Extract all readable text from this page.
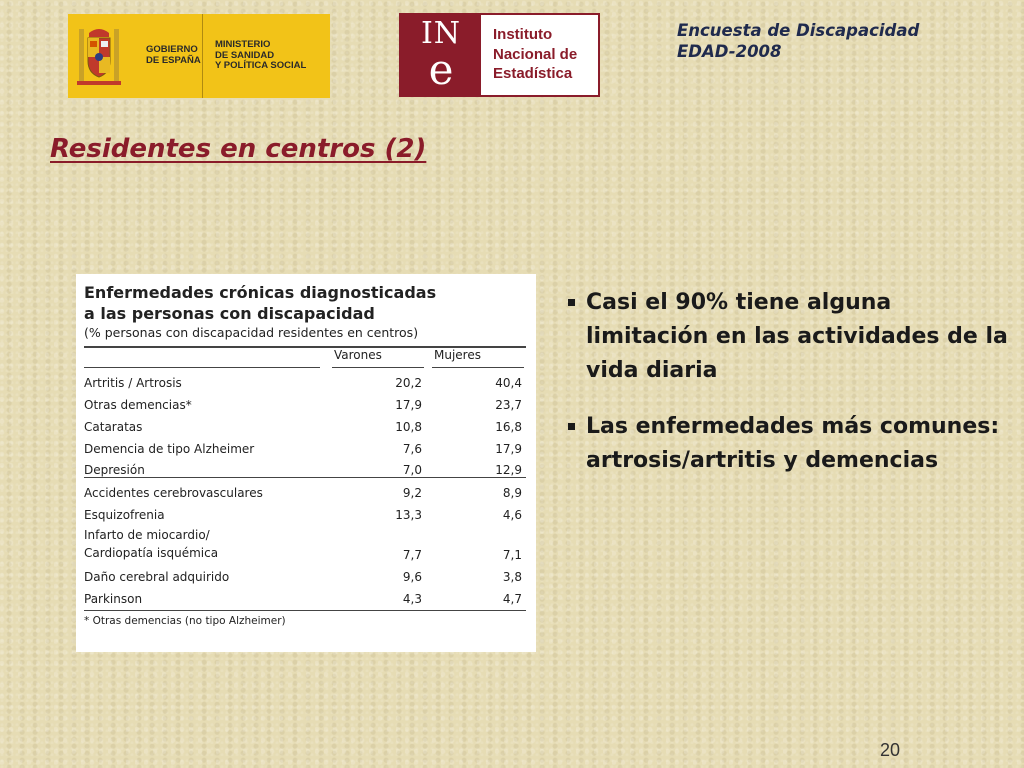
GOBIERNO
DE ESPAÑA
MINISTERIO
DE SANIDAD
Y POLÍTICA SOCIAL
IN
e
Instituto
Nacional de
Estadística
Encuesta de Discapacidad
EDAD-2008
Residentes en centros (2)
Enfermedades crónicas diagnosticadas
a las personas con discapacidad
(% personas con discapacidad residentes en centros)
Varones	Mujeres
Artritis / Artrosis	20,2	40,4
Otras demencias*	17,9	23,7
Cataratas	10,8	16,8
Demencia de tipo Alzheimer	7,6	17,9
Depresión	7,0	12,9
Accidentes cerebrovasculares	9,2	8,9
Esquizofrenia	13,3	4,6
Infarto de miocardio/
Cardiopatía isquémica	7,7	7,1
Daño cerebral adquirido	9,6	3,8
Parkinson	4,3	4,7
* Otras demencias (no tipo Alzheimer)
Casi el 90% tiene alguna limitación en las actividades de la vida diaria
Las enfermedades más comunes: artrosis/artritis y demencias
20
